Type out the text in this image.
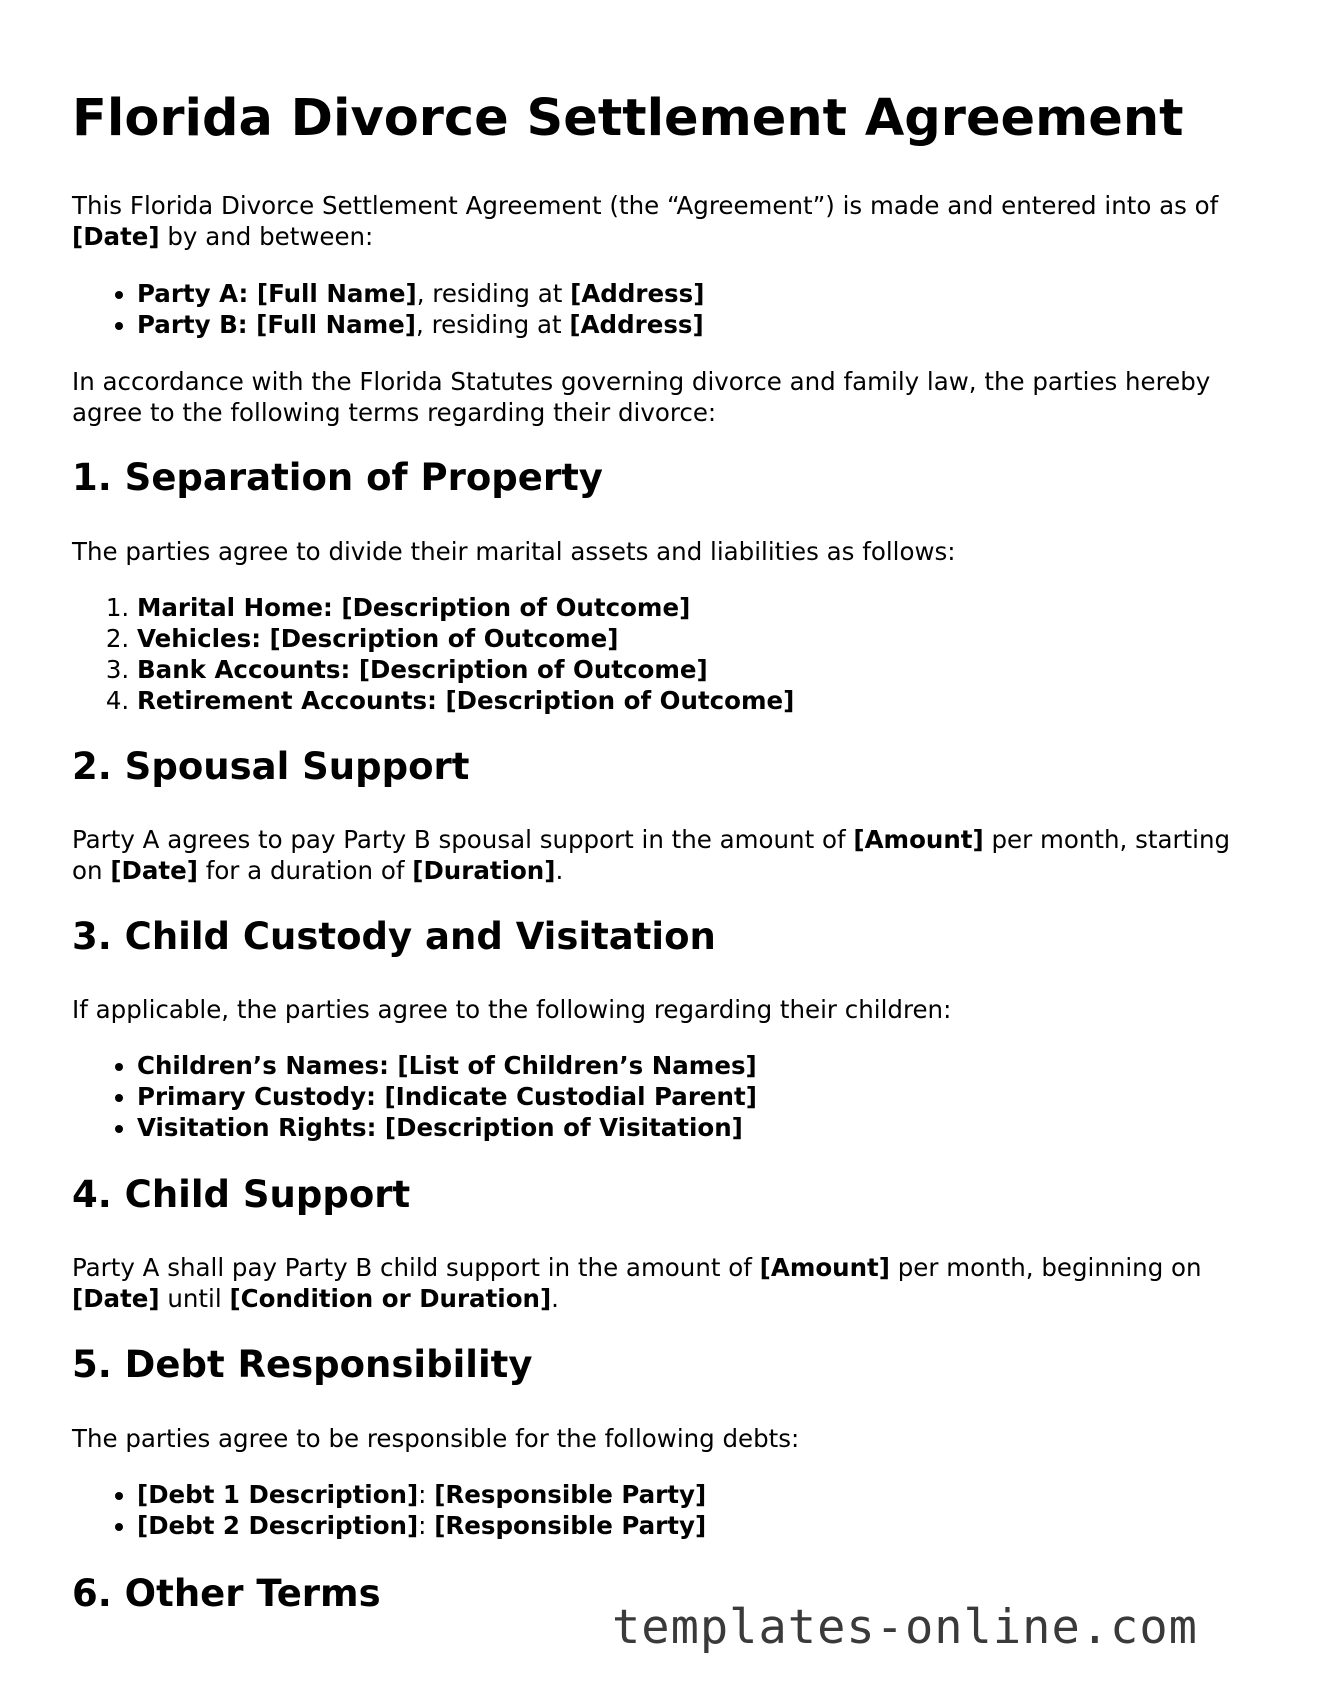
Florida Divorce Settlement Agreement

This Florida Divorce Settlement Agreement (the “Agreement”) is made and entered into as of [Date] by and between:

• Party A: [Full Name], residing at [Address]
• Party B: [Full Name], residing at [Address]

In accordance with the Florida Statutes governing divorce and family law, the parties hereby agree to the following terms regarding their divorce:

1. Separation of Property

The parties agree to divide their marital assets and liabilities as follows:

1. Marital Home: [Description of Outcome]
2. Vehicles: [Description of Outcome]
3. Bank Accounts: [Description of Outcome]
4. Retirement Accounts: [Description of Outcome]
2. Spousal Support

Party A agrees to pay Party B spousal support in the amount of [Amount] per month, starting on [Date] for a duration of [Duration].

3. Child Custody and Visitation

If applicable, the parties agree to the following regarding their children:

• Children’s Names: [List of Children’s Names]
• Primary Custody: [Indicate Custodial Parent]
• Visitation Rights: [Description of Visitation]
4. Child Support

Party A shall pay Party B child support in the amount of [Amount] per month, beginning on [Date] until [Condition or Duration].

5. Debt Responsibility

The parties agree to be responsible for the following debts:

• [Debt 1 Description]: [Responsible Party]
• [Debt 2 Description]: [Responsible Party]
6. Other Terms
templates-online.com
